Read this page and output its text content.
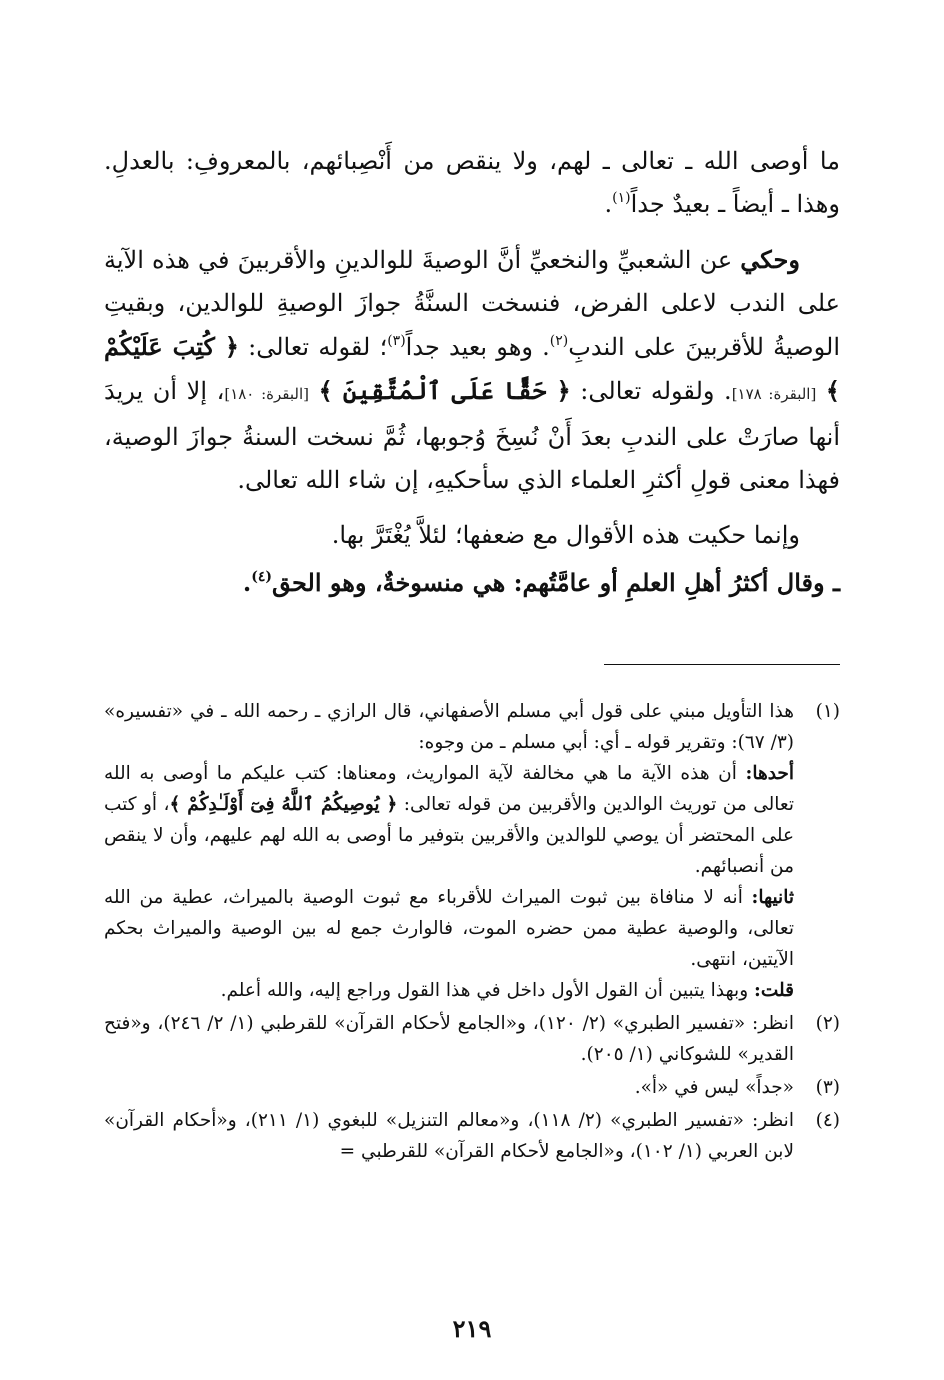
ما أوصى الله ـ تعالى ـ لهم، ولا ينقص من أَنْصِبائهم، بالمعروفِ: بالعدلِ. وهذا ـ أيضاً ـ بعيدٌ جداً$^{(١)}$.

وحكي عن الشعبيِّ والنخعيِّ أنَّ الوصيةَ للوالدينِ والأقربينَ في هذه الآية على الندب لاعلى الفرض، فنسخت السنَّةُ جوازَ الوصيةِ للوالدين، وبقيتِ الوصيةُ للأقربينَ على الندبِ$^{(٢)}$. وهو بعيد جداً$^{(٣)}$؛ لقوله تعالى: ﴿ كُتِبَ عَلَيْكُمْ ﴾ [البقرة: ١٧٨]. ولقوله تعالى: ﴿ حَقًّا عَلَى ٱلْمُتَّقِينَ ﴾ [البقرة: ١٨٠]، إلا أن يريدَ أنها صارَتْ على الندبِ بعدَ أَنْ نُسِخَ وُجوبها، ثُمَّ نسخت السنةُ جوازَ الوصية، فهذا معنى قولِ أكثرِ العلماء الذي سأحكيهِ، إن شاء الله تعالى.

وإنما حكيت هذه الأقوال مع ضعفها؛ لئلاَّ يُغْتَرَّ بها.

ـ وقال أكثرُ أهلِ العلمِ أو عامَّتُهم: هي منسوخةٌ، وهو الحق$^{(٤)}$.

(١)

هذا التأويل مبني على قول أبي مسلم الأصفهاني، قال الرازي ـ رحمه الله ـ في «تفسيره» (٣/ ٦٧): وتقرير قوله ـ أي: أبي مسلم ـ من وجوه:

أحدها: أن هذه الآية ما هي مخالفة لآية المواريث، ومعناها: كتب عليكم ما أوصى به الله تعالى من توريث الوالدين والأقربين من قوله تعالى: ﴿ يُوصِيكُمُ ٱللَّهُ فِىٓ أَوْلَـٰدِكُمْ ﴾، أو كتب على المحتضر أن يوصي للوالدين والأقربين بتوفير ما أوصى به الله لهم عليهم، وأن لا ينقص من أنصبائهم.

ثانيها: أنه لا منافاة بين ثبوت الميراث للأقرباء مع ثبوت الوصية بالميراث، عطية من الله تعالى، والوصية عطية ممن حضره الموت، فالوارث جمع له بين الوصية والميراث بحكم الآيتين، انتهى.

قلت: وبهذا يتبين أن القول الأول داخل في هذا القول وراجع إليه، والله أعلم.

(٢)
انظر: «تفسير الطبري» (٢/ ١٢٠)، و«الجامع لأحكام القرآن» للقرطبي (١/ ٢/ ٢٤٦)، و«فتح القدير» للشوكاني (١/ ٢٠٥).
(٣)
«جداً» ليس في «أ».
(٤)
انظر: «تفسير الطبري» (٢/ ١١٨)، و«معالم التنزيل» للبغوي (١/ ٢١١)، و«أحكام القرآن» لابن العربي (١/ ١٠٢)، و«الجامع لأحكام القرآن» للقرطبي =
٢١٩
